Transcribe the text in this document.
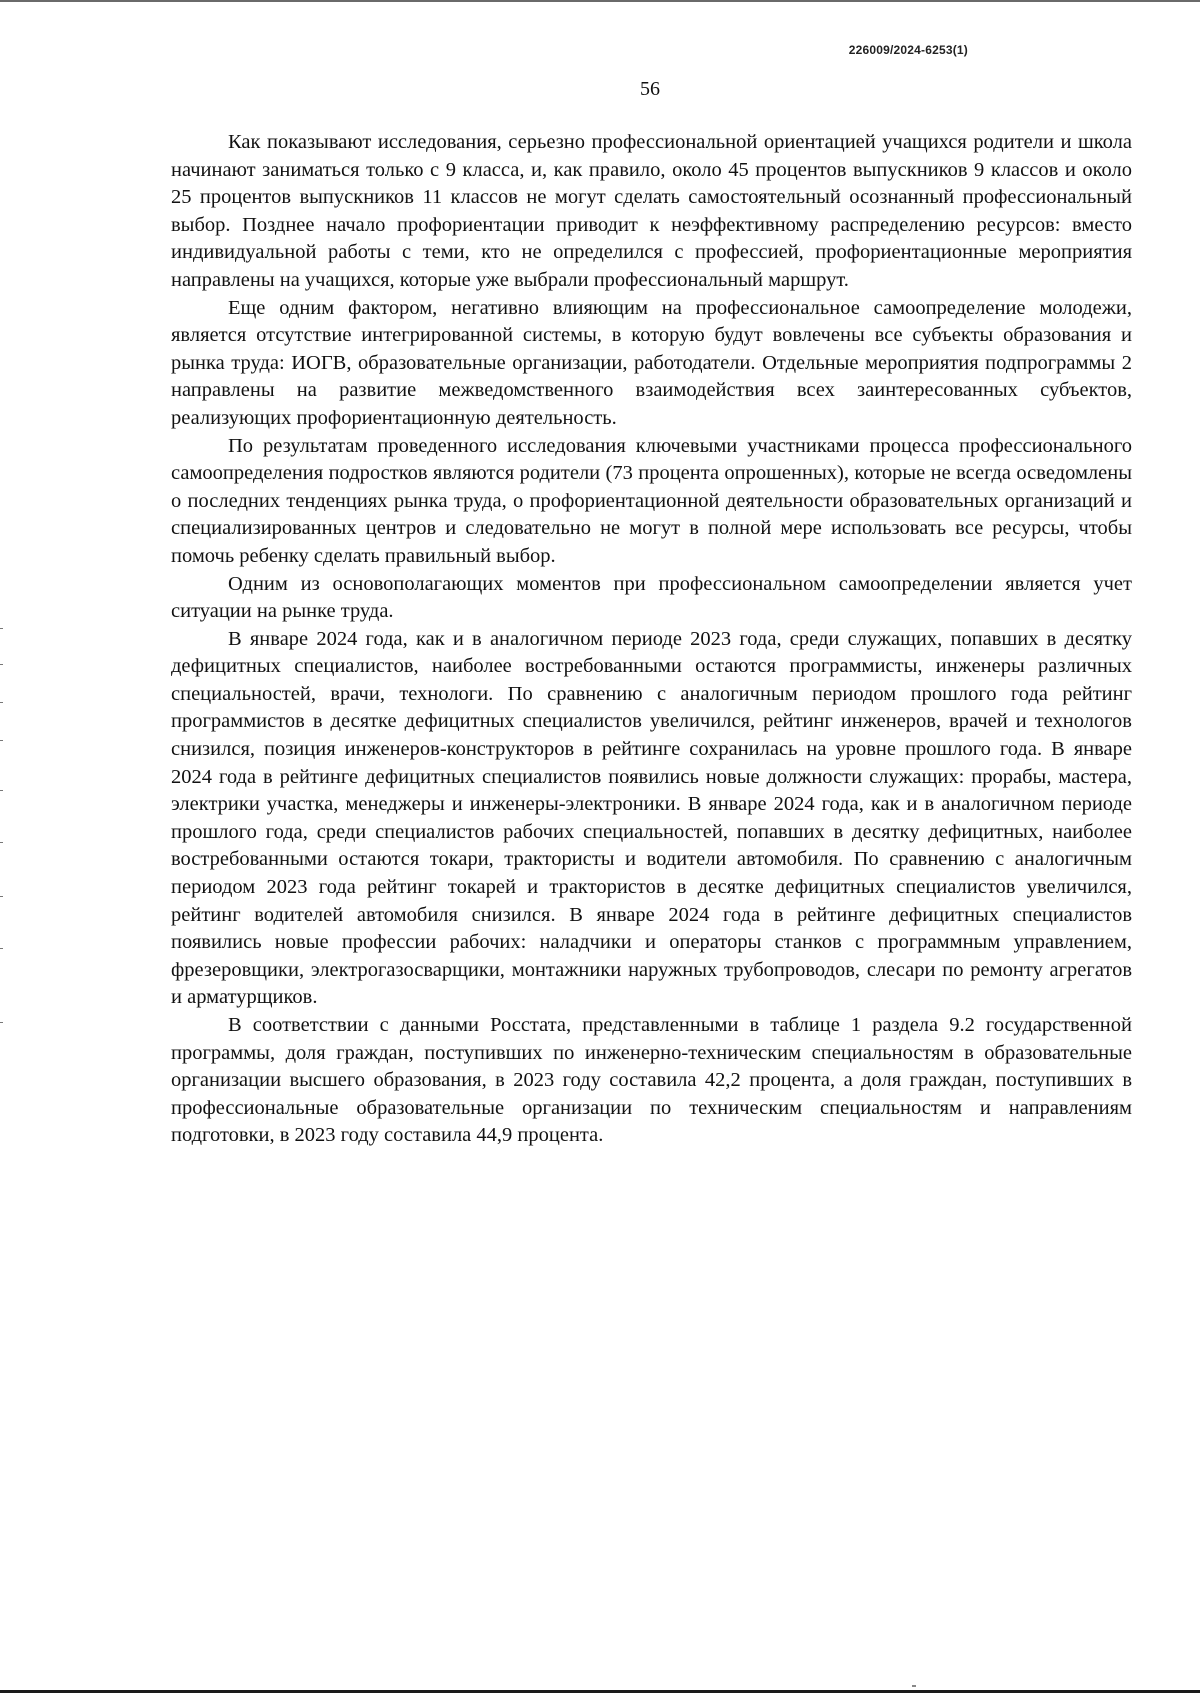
226009/2024-6253(1)
56

Как показывают исследования, серьезно профессиональной ориентацией учащихся родители и школа начинают заниматься только с 9 класса, и, как правило, около 45 процентов выпускников 9 классов и около 25 процентов выпускников 11 классов не могут сделать самостоятельный осознанный профессиональный выбор. Позднее начало профориентации приводит к неэффективному распределению ресурсов: вместо индивидуальной работы с теми, кто не определился с профессией, профориентационные мероприятия направлены на учащихся, которые уже выбрали профессиональный маршрут.

Еще одним фактором, негативно влияющим на профессиональное самоопределение молодежи, является отсутствие интегрированной системы, в которую будут вовлечены все субъекты образования и рынка труда: ИОГВ, образовательные организации, работодатели. Отдельные мероприятия подпрограммы 2 направлены на развитие межведомственного взаимодействия всех заинтересованных субъектов, реализующих профориентационную деятельность.

По результатам проведенного исследования ключевыми участниками процесса профессионального самоопределения подростков являются родители (73 процента опрошенных), которые не всегда осведомлены о последних тенденциях рынка труда, о профориентационной деятельности образовательных организаций и специализированных центров и следовательно не могут в полной мере использовать все ресурсы, чтобы помочь ребенку сделать правильный выбор.

Одним из основополагающих моментов при профессиональном самоопределении является учет ситуации на рынке труда.

В январе 2024 года, как и в аналогичном периоде 2023 года, среди служащих, попавших в десятку дефицитных специалистов, наиболее востребованными остаются программисты, инженеры различных специальностей, врачи, технологи. По сравнению с аналогичным периодом прошлого года рейтинг программистов в десятке дефицитных специалистов увеличился, рейтинг инженеров, врачей и технологов снизился, позиция инженеров-конструкторов в рейтинге сохранилась на уровне прошлого года. В январе 2024 года в рейтинге дефицитных специалистов появились новые должности служащих: прорабы, мастера, электрики участка, менеджеры и инженеры-электроники. В январе 2024 года, как и в аналогичном периоде прошлого года, среди специалистов рабочих специальностей, попавших в десятку дефицитных, наиболее востребованными остаются токари, трактористы и водители автомобиля. По сравнению с аналогичным периодом 2023 года рейтинг токарей и трактористов в десятке дефицитных специалистов увеличился, рейтинг водителей автомобиля снизился. В январе 2024 года в рейтинге дефицитных специалистов появились новые профессии рабочих: наладчики и операторы станков с программным управлением, фрезеровщики, электрогазосварщики, монтажники наружных трубопроводов, слесари по ремонту агрегатов и арматурщиков.

В соответствии с данными Росстата, представленными в таблице 1 раздела 9.2 государственной программы, доля граждан, поступивших по инженерно-техническим специальностям в образовательные организации высшего образования, в 2023 году составила 42,2 процента, а доля граждан, поступивших в профессиональные образовательные организации по техническим специальностям и направлениям подготовки, в 2023 году составила 44,9 процента.
